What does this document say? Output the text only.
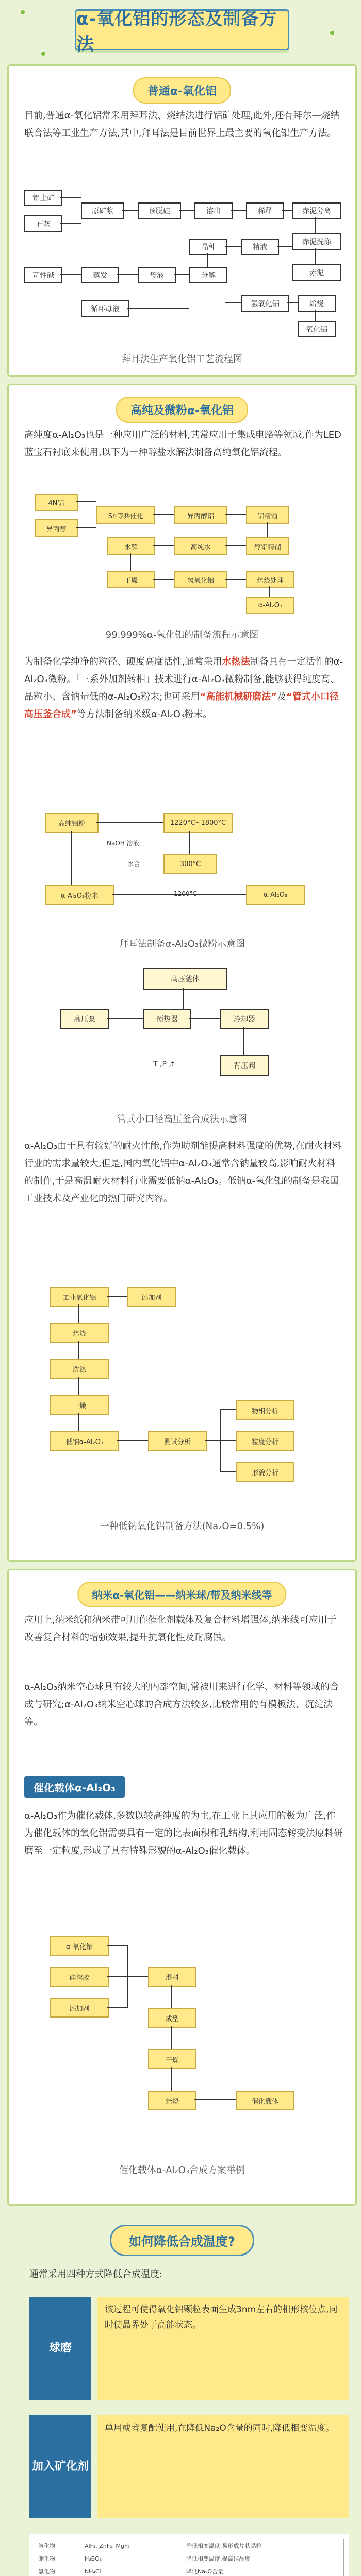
α-氧化铝的形态及制备方法
普通α-氧化铝
目前,普通α-氧化铝常采用拜耳法、烧结法进行铝矿处理,此外,还有拜尔—烧结联合法等工业生产方法,其中,拜耳法是目前世界上最主要的氧化铝生产方法。
铝土矿
石灰
原矿浆	预脱硅	溶出	稀释	赤泥分离
赤泥洗涤
赤泥
精液
晶种
分解
氢氧化铝
母液
蒸发
焙烧
氧化铝
循环母液
苛性碱
拜耳法生产氧化铝工艺流程图
高纯及微粉α-氧化铝
高纯度α-Al₂O₃也是一种应用广泛的材料,其常应用于集成电路等领域,作为LED蓝宝石衬底来使用,以下为一种醇盐水解法制备高纯氧化铝流程。
4N铝
异丙醇
Sn等共催化	异丙醇铝	铝精馏
醇铝精馏
高纯水
水解
干燥	氢氧化铝	焙烧处理
α-Al₂O₃
99.999%α-氧化铝的制备流程示意图
为制备化学纯净的粒径、硬度高度活性,通常采用水热法制备具有一定活性的α-Al₂O₃微粉。「三系外加剂转相」技术进行α-Al₂O₃微粉制备,能够获得纯度高、晶粒小、含钠量低的α-Al₂O₃粉末;也可采用“高能机械研磨法”及“管式小口径高压釜合成”等方法制备纳米级α-Al₂O₃粉末。
高纯铝粉
NaOH 溶液
1220°C~1800°C
300°C
α-Al₂O₃粉末	α-Al₂O₃
水合
拜耳法制备α-Al₂O₃微粉示意图
高压釜体
高压泵	预热器	冷却器
背压阀
T ,P ,t
管式小口径高压釜合成法示意图
α-Al₂O₃由于具有较好的耐火性能,作为助剂能提高材料强度的优势,在耐火材料行业的需求量较大,但是,国内氧化铝中α-Al₂O₃通常含钠量较高,影响耐火材料的制作,于是高温耐火材料行业需要低钠α-Al₂O₃。低钠α-氧化铝的制备是我国工业技术及产业化的热门研究内容。
工业氧化铝	添加剂
焙烧
洗涤
干燥
低钠α-Al₂O₃	测试分析
物相分析
粒度分析
形貌分析
一种低钠氧化铝制备方法(Na₂O=0.5%)
纳米α-氧化铝——纳米球/带及纳米线等
应用上,纳米纸和纳米带可用作催化剂载体及复合材料增强体,纳米线可应用于改善复合材料的增强效果,提升抗氧化性及耐腐蚀。
α-Al₂O₃纳米空心球具有较大的内部空间,常被用来进行化学、材料等领域的合成与研究;α-Al₂O₃纳米空心球的合成方法较多,比较常用的有模板法、沉淀法等。
催化载体α-Al₂O₃
α-Al₂O₃作为催化载体,多数以较高纯度的为主,在工业上其应用的极为广泛,作为催化载体的氧化铝需要具有一定的比表面积和孔结构,利用固态转变法原料研磨至一定粒度,形成了具有特殊形貌的α-Al₂O₃催化载体。
α-氧化铝
硅溶胶
添加剂
混料
成型
干燥
焙烧	催化载体
催化载体α-Al₂O₃合成方案举例
如何降低合成温度?
通常采用四种方式降低合成温度:
球磨
该过程可使得氧化铝颗粒表面生成3nm左右的相形核位点,同时使晶界处于高能状态。
加入矿化剂
单用或者复配使用,在降低Na₂O含量的同时,降低相变温度。
氟化物	AlF₃, ZnF₂, MgF₂	降低相变温度,易形成片状晶粒
硼化物	H₃BO₃	降低相变温度,提高结晶度
氯化物	NH₄Cl	降低Na₂O含量
